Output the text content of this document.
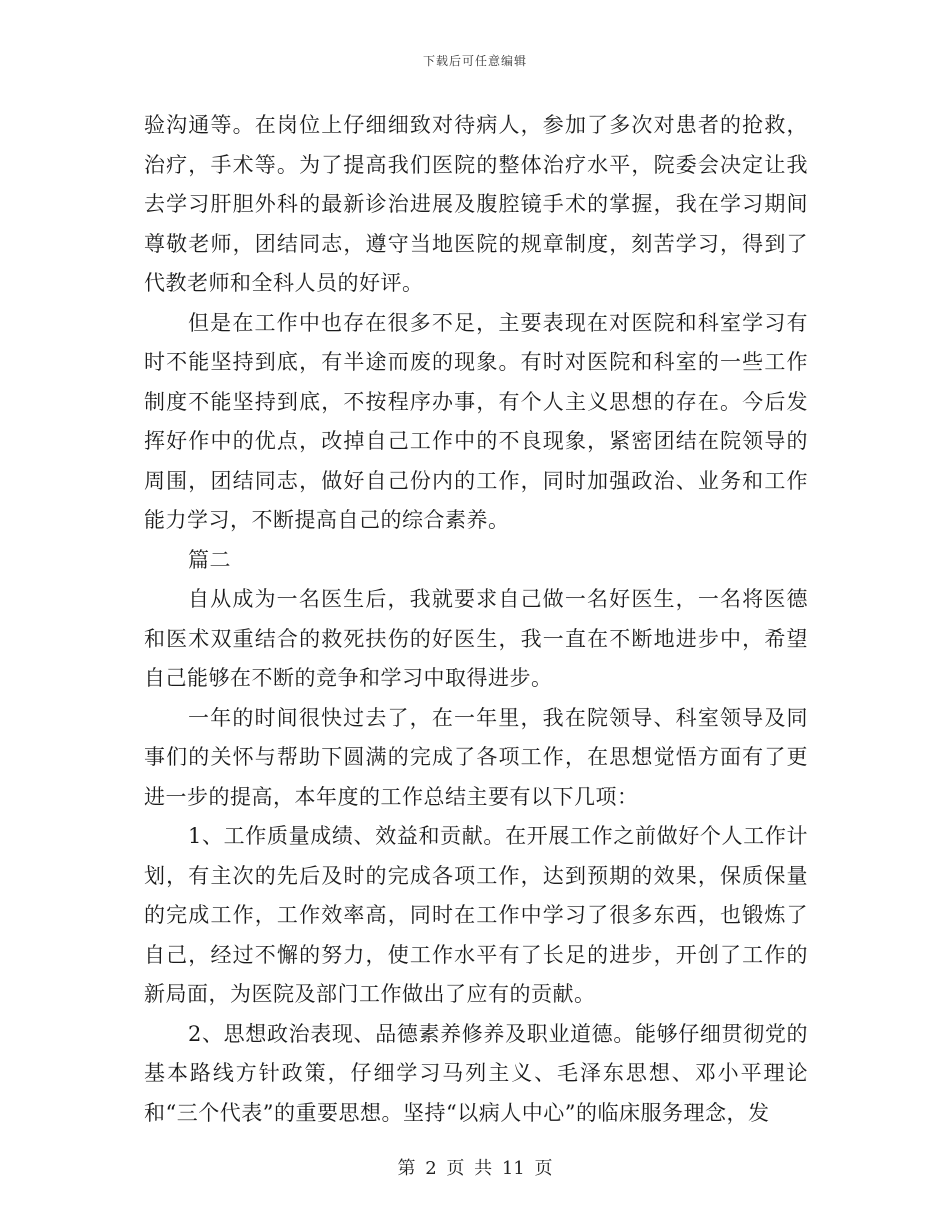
下载后可任意编辑

验沟通等。在岗位上仔细细致对待病人，参加了多次对患者的抢救，治疗，手术等。为了提高我们医院的整体治疗水平，院委会决定让我去学习肝胆外科的最新诊治进展及腹腔镜手术的掌握，我在学习期间尊敬老师，团结同志，遵守当地医院的规章制度，刻苦学习，得到了代教老师和全科人员的好评。

但是在工作中也存在很多不足，主要表现在对医院和科室学习有时不能坚持到底，有半途而废的现象。有时对医院和科室的一些工作制度不能坚持到底，不按程序办事，有个人主义思想的存在。今后发挥好作中的优点，改掉自己工作中的不良现象，紧密团结在院领导的周围，团结同志，做好自己份内的工作，同时加强政治、业务和工作能力学习，不断提高自己的综合素养。

篇二

自从成为一名医生后，我就要求自己做一名好医生，一名将医德和医术双重结合的救死扶伤的好医生，我一直在不断地进步中，希望自己能够在不断的竞争和学习中取得进步。

一年的时间很快过去了，在一年里，我在院领导、科室领导及同事们的关怀与帮助下圆满的完成了各项工作，在思想觉悟方面有了更进一步的提高，本年度的工作总结主要有以下几项：

1、工作质量成绩、效益和贡献。在开展工作之前做好个人工作计划，有主次的先后及时的完成各项工作，达到预期的效果，保质保量的完成工作，工作效率高，同时在工作中学习了很多东西，也锻炼了自己，经过不懈的努力，使工作水平有了长足的进步，开创了工作的新局面，为医院及部门工作做出了应有的贡献。

2、思想政治表现、品德素养修养及职业道德。能够仔细贯彻党的基本路线方针政策，仔细学习马列主义、毛泽东思想、邓小平理论和“三个代表”的重要思想。坚持“以病人中心”的临床服务理念，发

第 2 页 共 11 页
